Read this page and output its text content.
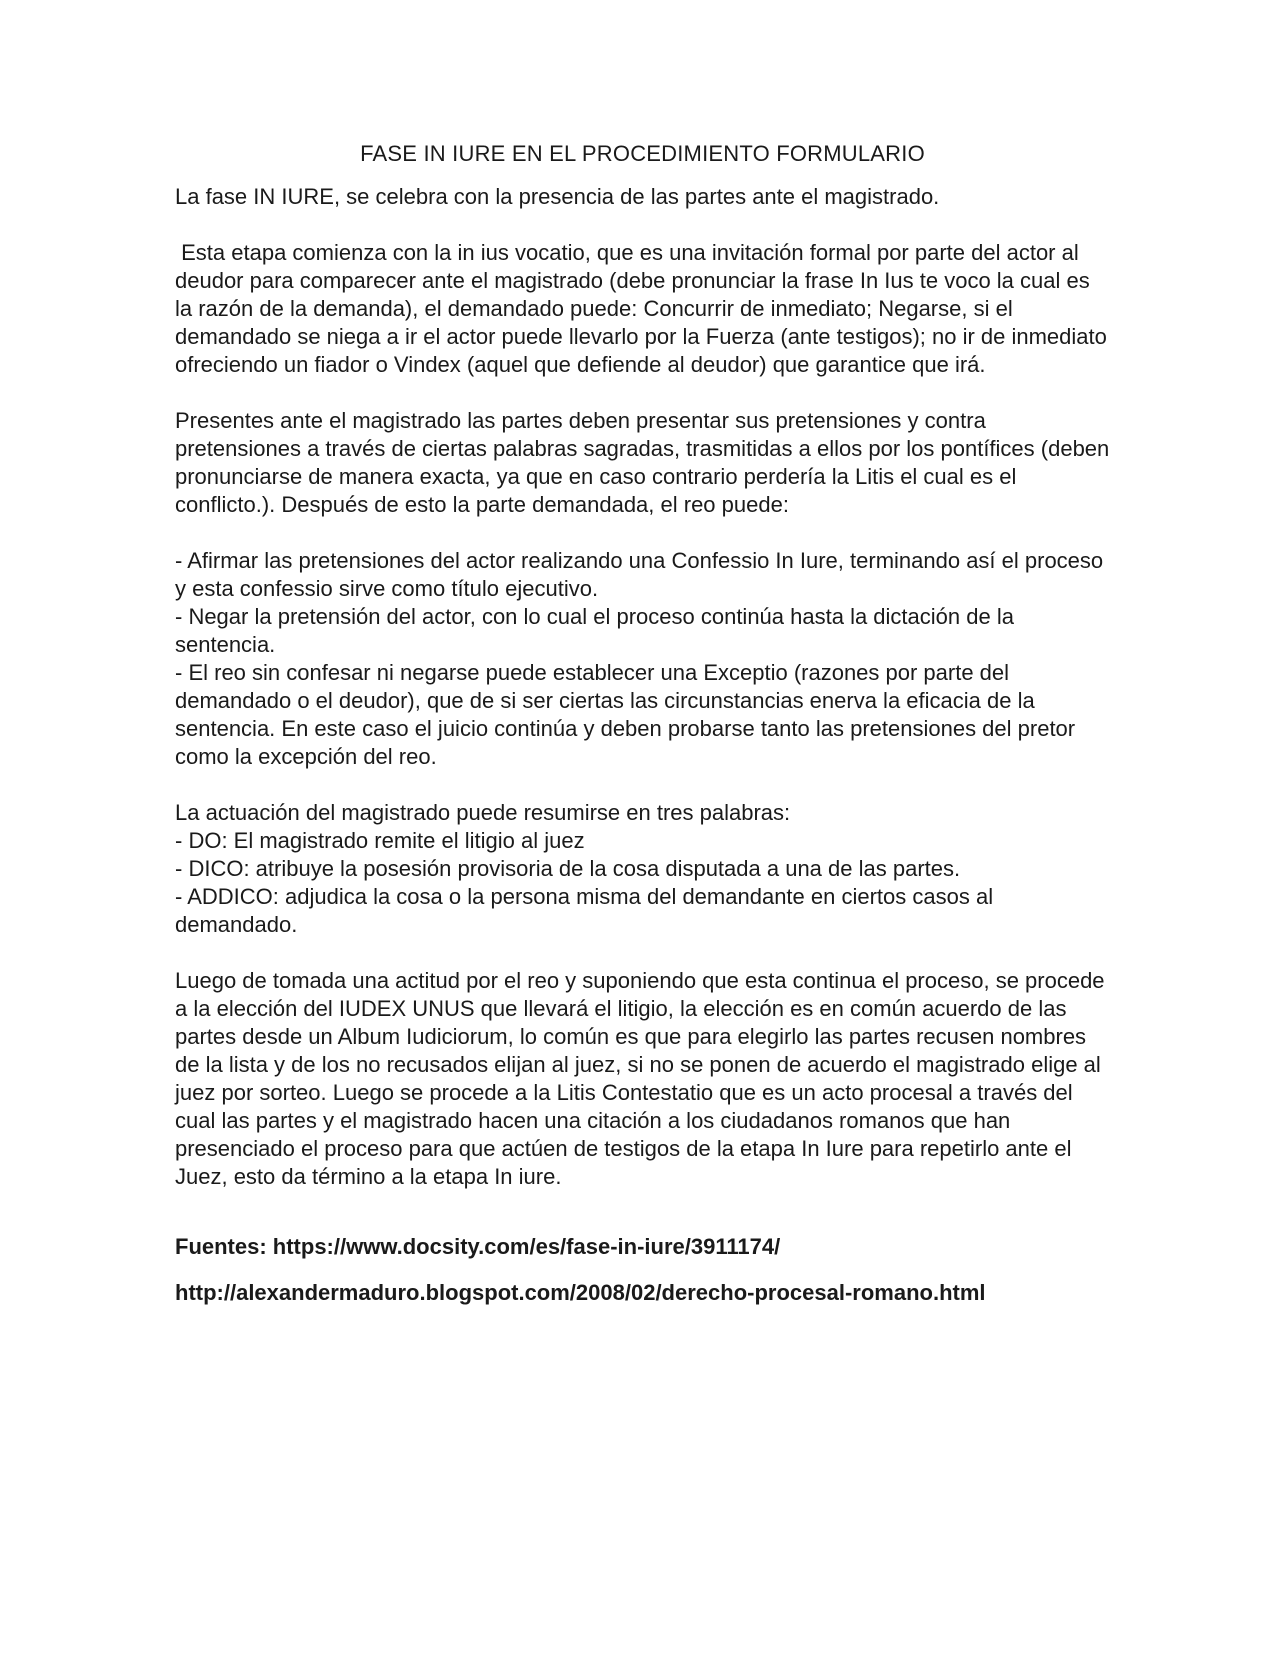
FASE IN IURE EN EL PROCEDIMIENTO FORMULARIO

La fase IN IURE, se celebra con la presencia de las partes ante el magistrado.

Esta etapa comienza con la in ius vocatio, que es una invitación formal por parte del actor al deudor para comparecer ante el magistrado (debe pronunciar la frase In Ius te voco la cual es la razón de la demanda), el demandado puede: Concurrir de inmediato; Negarse, si el demandado se niega a ir el actor puede llevarlo por la Fuerza (ante testigos); no ir de inmediato ofreciendo un fiador o Vindex (aquel que defiende al deudor) que garantice que irá.

Presentes ante el magistrado las partes deben presentar sus pretensiones y contra pretensiones a través de ciertas palabras sagradas, trasmitidas a ellos por los pontífices (deben pronunciarse de manera exacta, ya que en caso contrario perdería la Litis el cual es el conflicto.). Después de esto la parte demandada, el reo puede:

- Afirmar las pretensiones del actor realizando una Confessio In Iure, terminando así el proceso y esta confessio sirve como título ejecutivo.
- Negar la pretensión del actor, con lo cual el proceso continúa hasta la dictación de la sentencia.
- El reo sin confesar ni negarse puede establecer una Exceptio (razones por parte del demandado o el deudor), que de si ser ciertas las circunstancias enerva la eficacia de la sentencia. En este caso el juicio continúa y deben probarse tanto las pretensiones del pretor como la excepción del reo.
La actuación del magistrado puede resumirse en tres palabras:
- DO: El magistrado remite el litigio al juez
- DICO: atribuye la posesión provisoria de la cosa disputada a una de las partes.
- ADDICO: adjudica la cosa o la persona misma del demandante en ciertos casos al demandado.

Luego de tomada una actitud por el reo y suponiendo que esta continua el proceso, se procede a la elección del IUDEX UNUS que llevará el litigio, la elección es en común acuerdo de las partes desde un Album Iudiciorum, lo común es que para elegirlo las partes recusen nombres de la lista y de los no recusados elijan al juez, si no se ponen de acuerdo el magistrado elige al juez por sorteo. Luego se procede a la Litis Contestatio que es un acto procesal a través del cual las partes y el magistrado hacen una citación a los ciudadanos romanos que han presenciado el proceso para que actúen de testigos de la etapa In Iure para repetirlo ante el Juez, esto da término a la etapa In iure.

Fuentes: https://www.docsity.com/es/fase-in-iure/3911174/

http://alexandermaduro.blogspot.com/2008/02/derecho-procesal-romano.html
